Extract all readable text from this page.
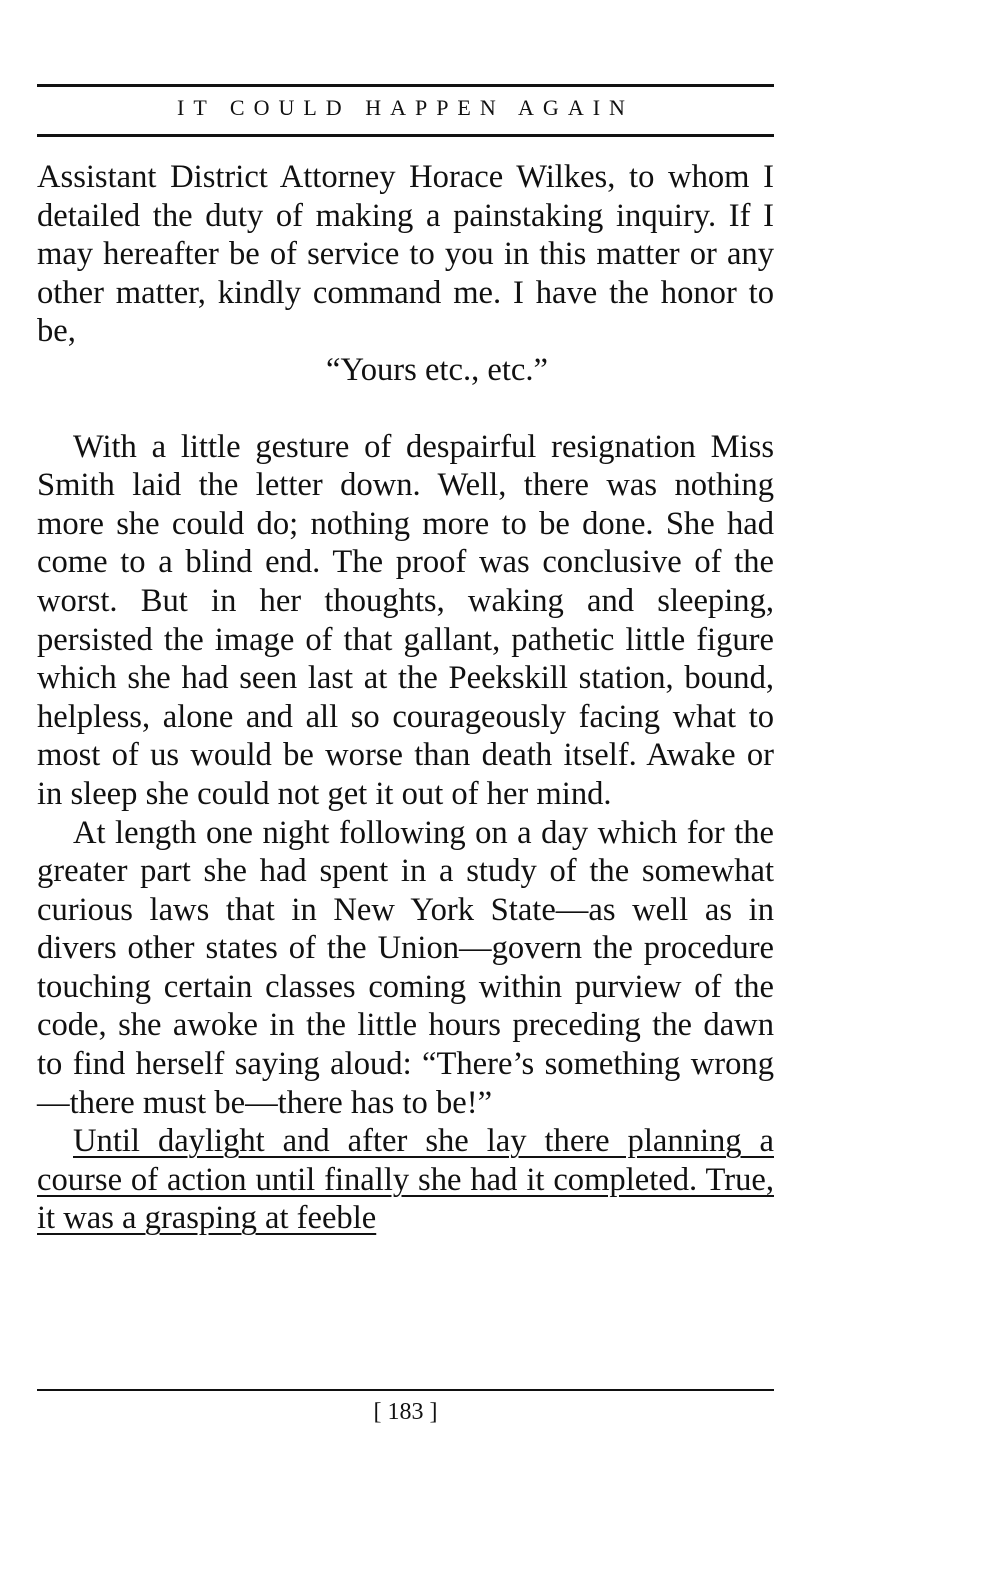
IT COULD HAPPEN AGAIN

Assistant District Attorney Horace Wilkes, to whom I detailed the duty of making a painstaking inquiry. If I may hereafter be of service to you in this matter or any other matter, kindly command me. I have the honor to be,

“Yours etc., etc.”

With a little gesture of despairful resignation Miss Smith laid the letter down. Well, there was nothing more she could do; nothing more to be done. She had come to a blind end. The proof was conclusive of the worst. But in her thoughts, waking and sleeping, persisted the image of that gallant, pathetic little figure which she had seen last at the Peekskill station, bound, helpless, alone and all so courageously facing what to most of us would be worse than death itself. Awake or in sleep she could not get it out of her mind.

At length one night following on a day which for the greater part she had spent in a study of the somewhat curious laws that in New York State—as well as in divers other states of the Union—govern the procedure touching certain classes coming within purview of the code, she awoke in the little hours preceding the dawn to find herself saying aloud: “There’s something wrong—there must be—there has to be!”

Until daylight and after she lay there planning a course of action until finally she had it completed. True, it was a grasping at feeble

[ 183 ]
